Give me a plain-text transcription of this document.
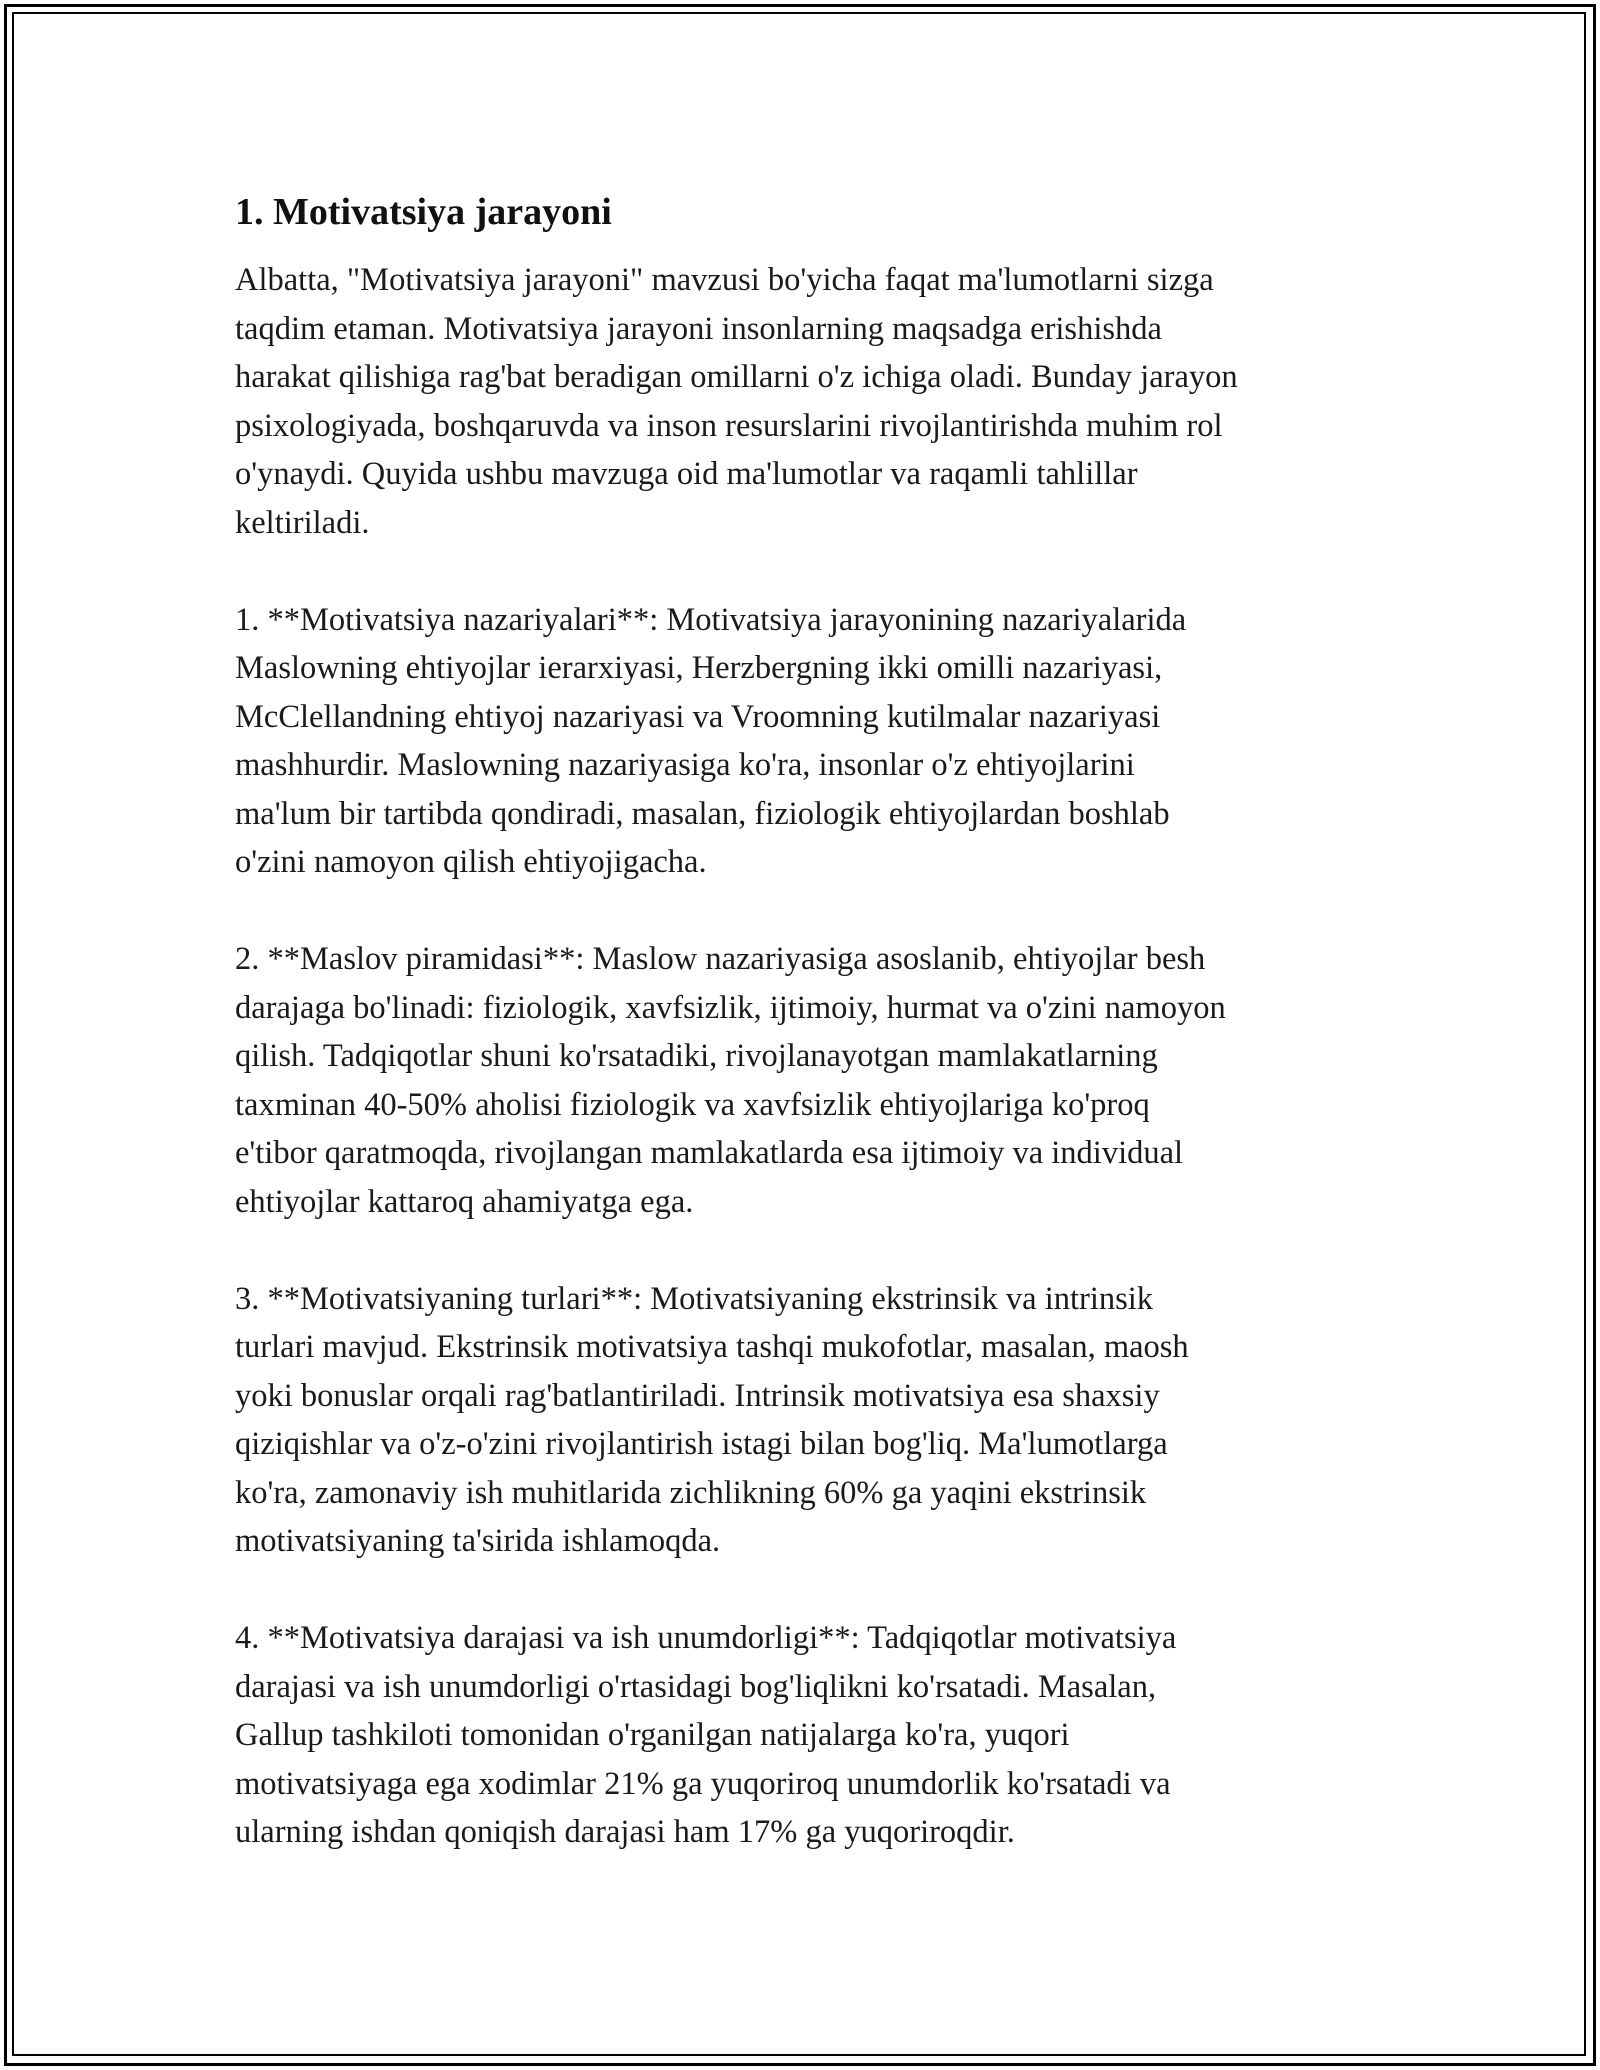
1. Motivatsiya jarayoni

Albatta, "Motivatsiya jarayoni" mavzusi bo'yicha faqat ma'lumotlarni sizga
taqdim etaman. Motivatsiya jarayoni insonlarning maqsadga erishishda
harakat qilishiga rag'bat beradigan omillarni o'z ichiga oladi. Bunday jarayon
psixologiyada, boshqaruvda va inson resurslarini rivojlantirishda muhim rol
o'ynaydi. Quyida ushbu mavzuga oid ma'lumotlar va raqamli tahlillar
keltiriladi.

1. **Motivatsiya nazariyalari**: Motivatsiya jarayonining nazariyalarida
Maslowning ehtiyojlar ierarxiyasi, Herzbergning ikki omilli nazariyasi,
McClellandning ehtiyoj nazariyasi va Vroomning kutilmalar nazariyasi
mashhurdir. Maslowning nazariyasiga ko'ra, insonlar o'z ehtiyojlarini
ma'lum bir tartibda qondiradi, masalan, fiziologik ehtiyojlardan boshlab
o'zini namoyon qilish ehtiyojigacha.

2. **Maslov piramidasi**: Maslow nazariyasiga asoslanib, ehtiyojlar besh
darajaga bo'linadi: fiziologik, xavfsizlik, ijtimoiy, hurmat va o'zini namoyon
qilish. Tadqiqotlar shuni ko'rsatadiki, rivojlanayotgan mamlakatlarning
taxminan 40-50% aholisi fiziologik va xavfsizlik ehtiyojlariga ko'proq
e'tibor qaratmoqda, rivojlangan mamlakatlarda esa ijtimoiy va individual
ehtiyojlar kattaroq ahamiyatga ega.

3. **Motivatsiyaning turlari**: Motivatsiyaning ekstrinsik va intrinsik
turlari mavjud. Ekstrinsik motivatsiya tashqi mukofotlar, masalan, maosh
yoki bonuslar orqali rag'batlantiriladi. Intrinsik motivatsiya esa shaxsiy
qiziqishlar va o'z-o'zini rivojlantirish istagi bilan bog'liq. Ma'lumotlarga
ko'ra, zamonaviy ish muhitlarida zichlikning 60% ga yaqini ekstrinsik
motivatsiyaning ta'sirida ishlamoqda.

4. **Motivatsiya darajasi va ish unumdorligi**: Tadqiqotlar motivatsiya
darajasi va ish unumdorligi o'rtasidagi bog'liqlikni ko'rsatadi. Masalan,
Gallup tashkiloti tomonidan o'rganilgan natijalarga ko'ra, yuqori
motivatsiyaga ega xodimlar 21% ga yuqoriroq unumdorlik ko'rsatadi va
ularning ishdan qoniqish darajasi ham 17% ga yuqoriroqdir.
